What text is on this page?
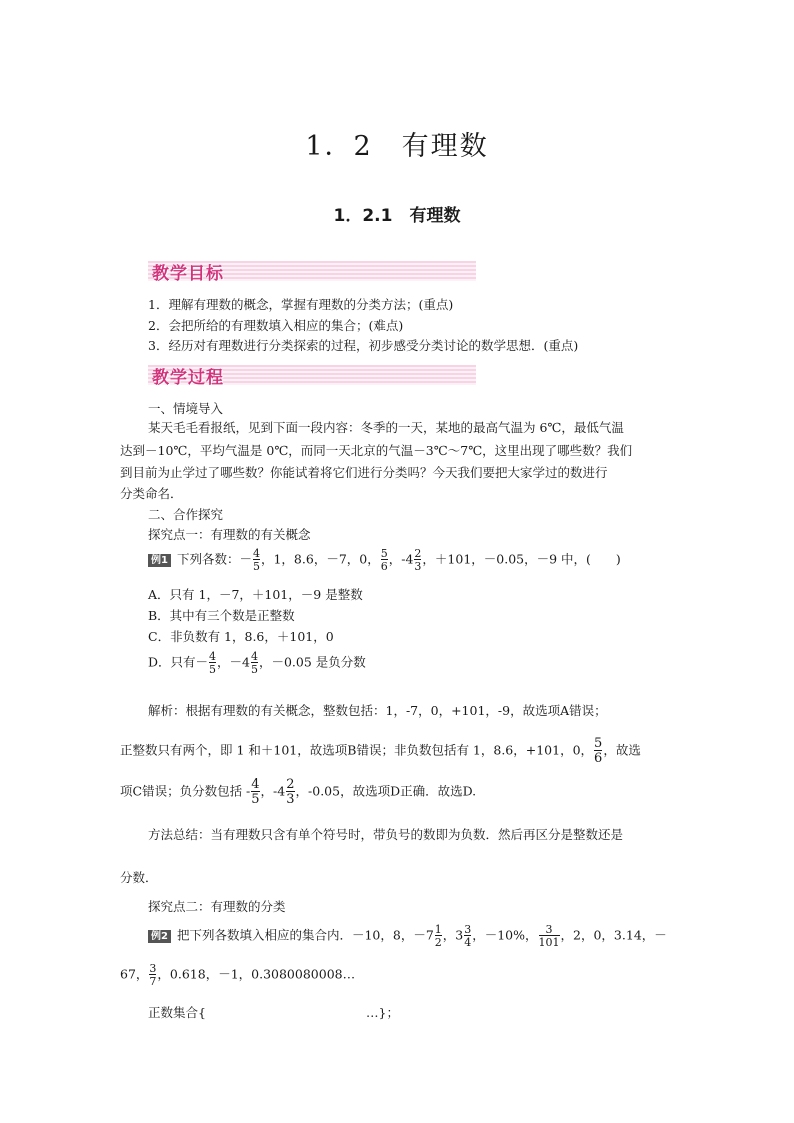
1．2　有理数
1．2.1　有理数
教学目标
1．理解有理数的概念，掌握有理数的分类方法；(重点)
2．会把所给的有理数填入相应的集合；(难点)
3．经历对有理数进行分类探索的过程，初步感受分类讨论的数学思想．(重点)
教学过程
一、情境导入
某天毛毛看报纸，见到下面一段内容：冬季的一天，某地的最高气温为 6℃，最低气温
达到－10℃，平均气温是 0℃，而同一天北京的气温－3℃～7℃，这里出现了哪些数？我们
到目前为止学过了哪些数？你能试着将它们进行分类吗？今天我们要把大家学过的数进行
分类命名．
二、合作探究
探究点一：有理数的有关概念
例1 下列各数：－ $\frac{4}{5}$ ，1，8.6，－7，0， $\frac{5}{6}$ ，$-4 \frac{2}{3}$ ，＋101，－0.05，－9 中，(　　)
A．只有 1，－7，＋101，－9 是整数
B．其中有三个数是正整数
C．非负数有 1，8.6，＋101，0
D．只有－ $\frac{4}{5}$ ，$-4 \frac{4}{5}$ ，－0.05 是负分数
解析：根据有理数的有关概念，整数包括：1，-7，0，+101，-9，故选项A错误；
正整数只有两个，即 1 和＋101，故选项B错误；非负数包括有 1，8.6，+101，0， $\frac{5}{6}$ ，故选
项C错误；负分数包括 - $\frac{4}{5}$ ，$-4 \frac{2}{3}$ ，-0.05，故选项D正确．故选D.
方法总结：当有理数只含有单个符号时，带负号的数即为负数．然后再区分是整数还是
分数．
探究点二：有理数的分类
例2 把下列各数填入相应的集合内．－10，8，$-7 \frac{1}{2}$ ，$3 \frac{3}{4}$ ，－10%， $\frac{3}{101}$ ，2，0，3.14，－
67， $\frac{3}{7}$ ，0.618，－1，0.3080080008…
正数集合{	…}；
